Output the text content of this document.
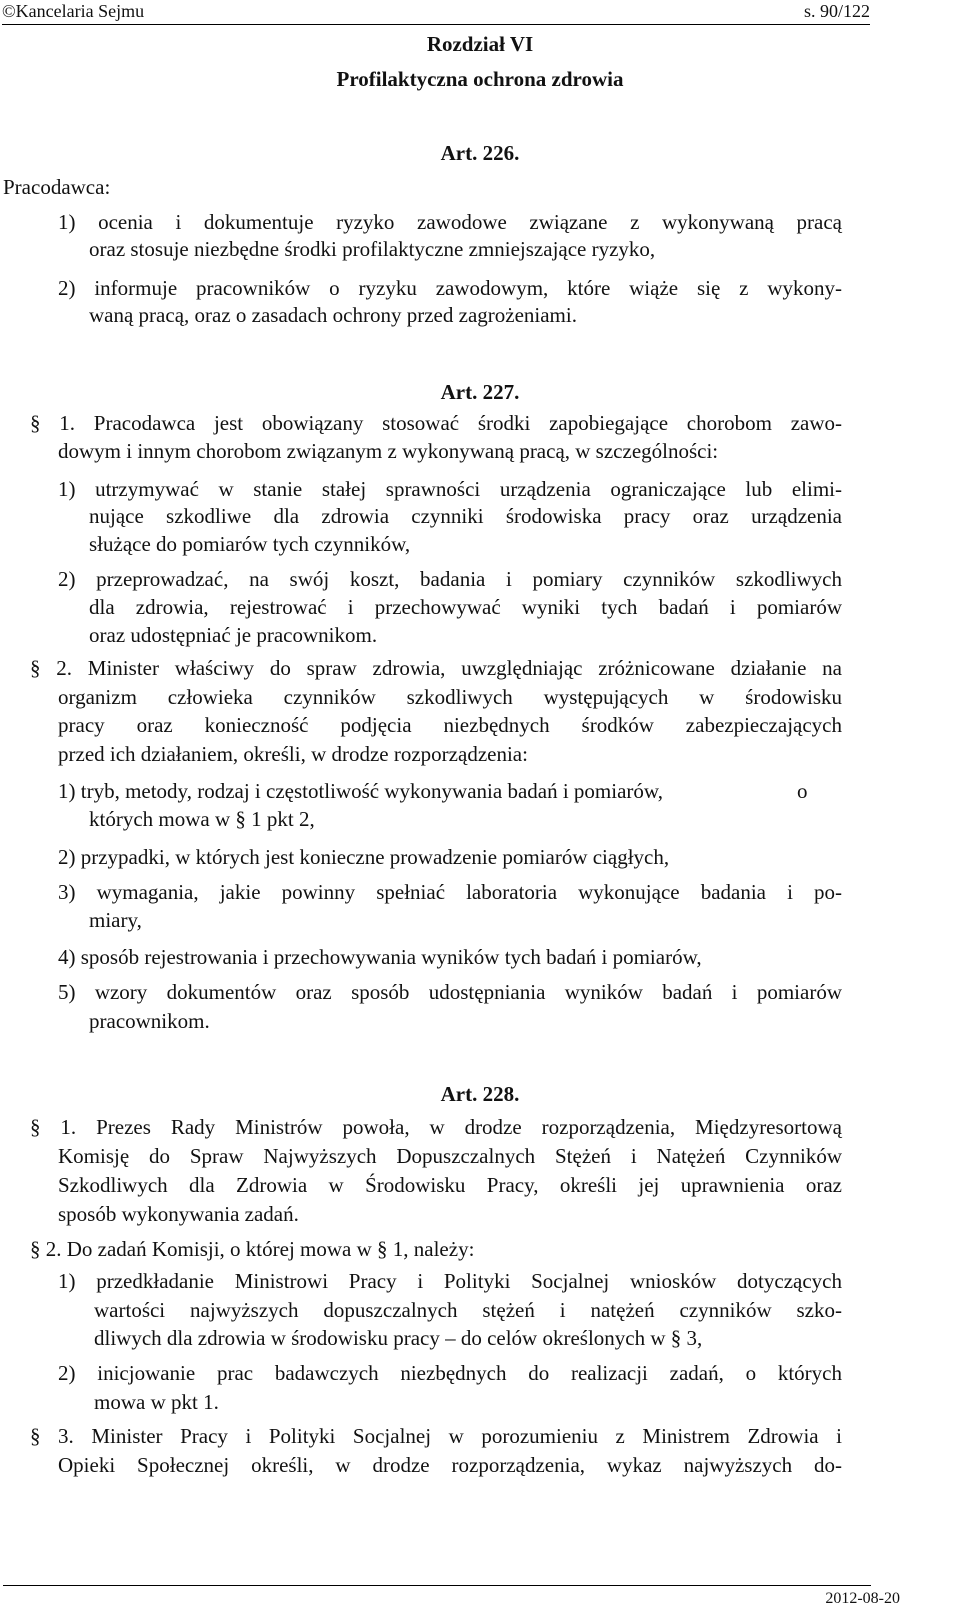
©Kancelaria Sejmu	s. 90/122
Rozdział VI
Profilaktyczna ochrona zdrowia
Art. 226.
Pracodawca:
1) ocenia i dokumentuje ryzyko zawodowe związane z wykonywaną pracą
oraz stosuje niezbędne środki profilaktyczne zmniejszające ryzyko,
2) informuje pracowników o ryzyku zawodowym, które wiąże się z wykony-
waną pracą, oraz o zasadach ochrony przed zagrożeniami.
Art. 227.
§ 1. Pracodawca jest obowiązany stosować środki zapobiegające chorobom zawo-
dowym i innym chorobom związanym z wykonywaną pracą, w szczególności:
1) utrzymywać w stanie stałej sprawności urządzenia ograniczające lub elimi-
nujące szkodliwe dla zdrowia czynniki środowiska pracy oraz urządzenia
służące do pomiarów tych czynników,
2) przeprowadzać, na swój koszt, badania i pomiary czynników szkodliwych
dla zdrowia, rejestrować i przechowywać wyniki tych badań i pomiarów
oraz udostępniać je pracownikom.
§ 2. Minister właściwy do spraw zdrowia, uwzględniając zróżnicowane działanie na
organizm człowieka czynników szkodliwych występujących w środowisku
pracy oraz konieczność podjęcia niezbędnych środków zabezpieczających
przed ich działaniem, określi, w drodze rozporządzenia:
1) tryb, metody, rodzaj i częstotliwość wykonywania badań i pomiarów,	o
których mowa w § 1 pkt 2,
2) przypadki, w których jest konieczne prowadzenie pomiarów ciągłych,
3) wymagania, jakie powinny spełniać laboratoria wykonujące badania i po-
miary,
4) sposób rejestrowania i przechowywania wyników tych badań i pomiarów,
5) wzory dokumentów oraz sposób udostępniania wyników badań i pomiarów
pracownikom.
Art. 228.
§ 1. Prezes Rady Ministrów powoła, w drodze rozporządzenia, Międzyresortową
Komisję do Spraw Najwyższych Dopuszczalnych Stężeń i Natężeń Czynników
Szkodliwych dla Zdrowia w Środowisku Pracy, określi jej uprawnienia oraz
sposób wykonywania zadań.
§ 2. Do zadań Komisji, o której mowa w § 1, należy:
1) przedkładanie Ministrowi Pracy i Polityki Socjalnej wniosków dotyczących
wartości najwyższych dopuszczalnych stężeń i natężeń czynników szko-
dliwych dla zdrowia w środowisku pracy – do celów określonych w § 3,
2) inicjowanie prac badawczych niezbędnych do realizacji zadań, o których
mowa w pkt 1.
§ 3. Minister Pracy i Polityki Socjalnej w porozumieniu z Ministrem Zdrowia i
Opieki Społecznej określi, w drodze rozporządzenia, wykaz najwyższych do-
2012-08-20
